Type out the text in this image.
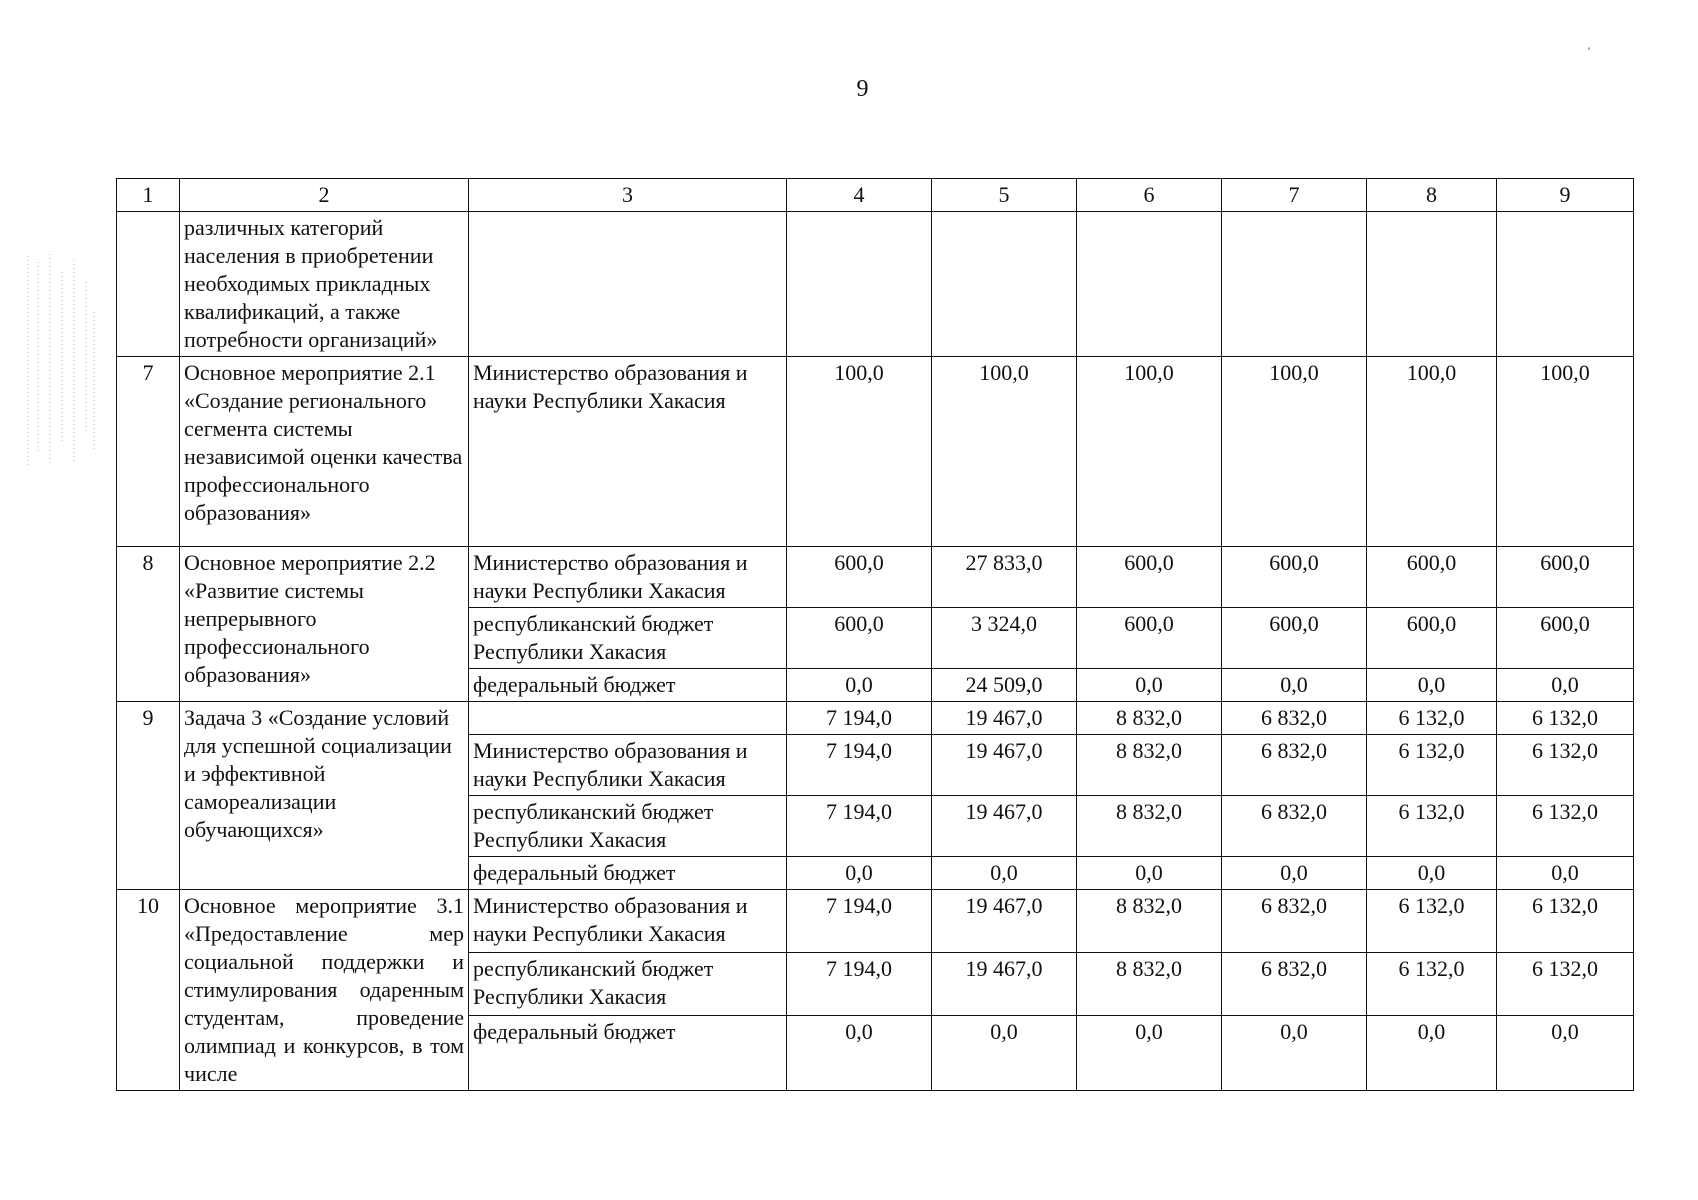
'
9
1	2	3	4	5	6	7	8	9
	различных категорий населения в приобретении необходимых прикладных квалификаций, а также потребности организаций»							
7	Основное мероприятие 2.1 «Создание регионального сегмента системы независимой оценки качества профессионального образования»	Министерство образования и науки Республики Хакасия	100,0	100,0	100,0	100,0	100,0	100,0
8	Основное мероприятие 2.2 «Развитие системы непрерывного профессионального образования»	Министерство образования и науки Республики Хакасия	600,0	27 833,0	600,0	600,0	600,0	600,0
		республиканский бюджет Республики Хакасия	600,0	3 324,0	600,0	600,0	600,0	600,0
		федеральный бюджет	0,0	24 509,0	0,0	0,0	0,0	0,0
9	Задача 3 «Создание условий для успешной социализации и эффективной самореализации обучающихся»		7 194,0	19 467,0	8 832,0	6 832,0	6 132,0	6 132,0
		Министерство образования и науки Республики Хакасия	7 194,0	19 467,0	8 832,0	6 832,0	6 132,0	6 132,0
		республиканский бюджет Республики Хакасия	7 194,0	19 467,0	8 832,0	6 832,0	6 132,0	6 132,0
		федеральный бюджет	0,0	0,0	0,0	0,0	0,0	0,0
10	Основное мероприятие 3.1 «Предоставление мер социальной поддержки и стимулирования одаренным студентам, проведение олимпиад и конкурсов, в том числе	Министерство образования и науки Республики Хакасия	7 194,0	19 467,0	8 832,0	6 832,0	6 132,0	6 132,0
		республиканский бюджет Республики Хакасия	7 194,0	19 467,0	8 832,0	6 832,0	6 132,0	6 132,0
		федеральный бюджет	0,0	0,0	0,0	0,0	0,0	0,0
